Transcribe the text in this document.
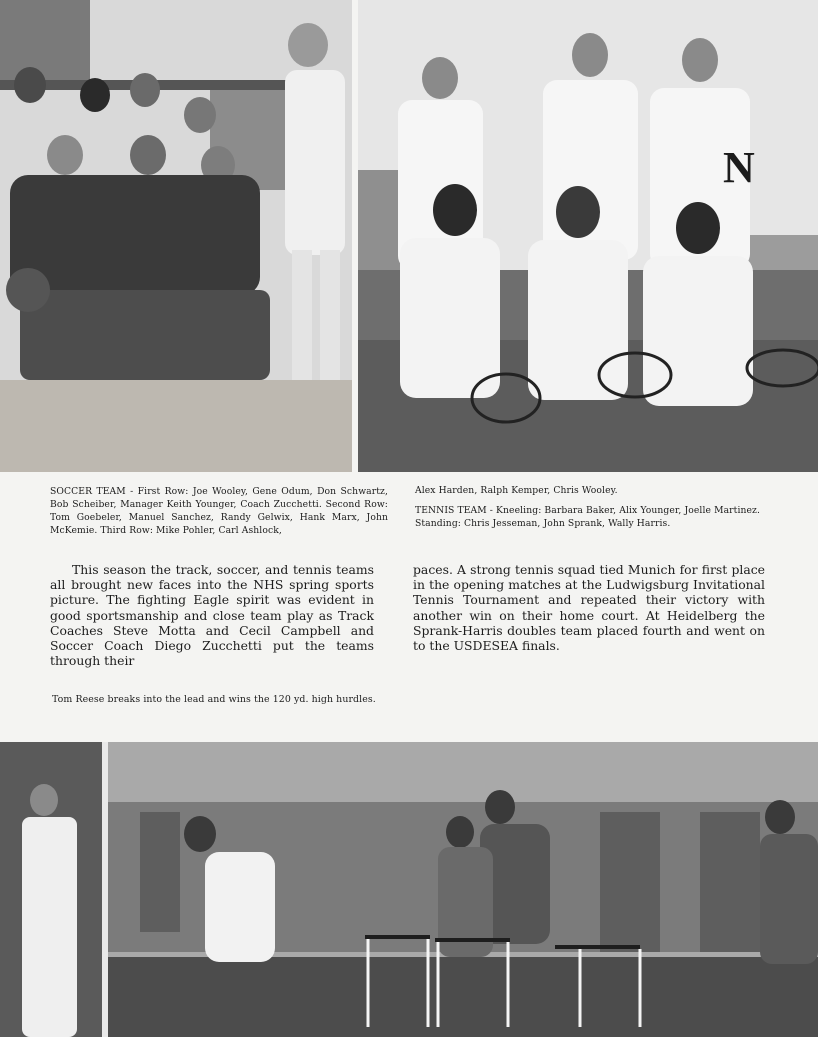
N
SOCCER TEAM - First Row: Joe Wooley, Gene Odum, Don Schwartz, Bob Scheiber, Manager Keith Younger, Coach Zucchetti. Second Row: Tom Goebeler, Manuel Sanchez, Randy Gelwix, Hank Marx, John McKemie. Third Row: Mike Pohler, Carl Ashlock,
Alex Harden, Ralph Kemper, Chris Wooley.
TENNIS TEAM - Kneeling: Barbara Baker, Alix Younger, Joelle Martinez. Standing: Chris Jesseman, John Sprank, Wally Harris.
This season the track, soccer, and tennis teams all brought new faces into the NHS spring sports picture. The fighting Eagle spirit was evident in good sportsmanship and close team play as Track Coaches Steve Motta and Cecil Campbell and Soccer Coach Diego Zucchetti put the teams through their
paces. A strong tennis squad tied Munich for first place in the opening matches at the Ludwigsburg Invitational Tennis Tournament and repeated their victory with another win on their home court. At Heidelberg the Sprank-Harris doubles team placed fourth and went on to the USDESEA finals.
Tom Reese breaks into the lead and wins the 120 yd. high hurdles.
